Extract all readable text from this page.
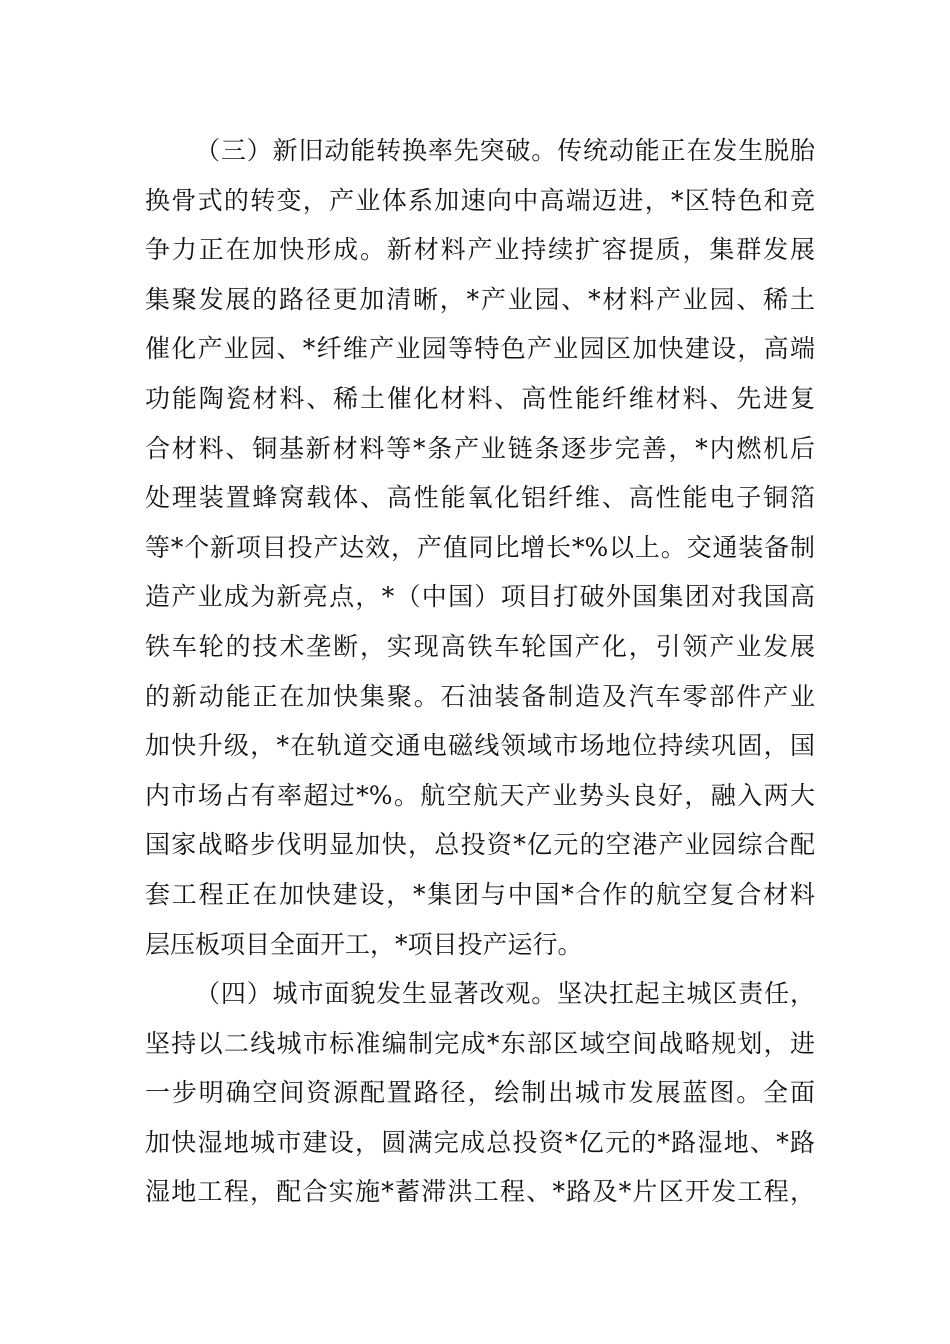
（三）新旧动能转换率先突破。传统动能正在发生脱胎
换骨式的转变，产业体系加速向中高端迈进，*区特色和竞
争力正在加快形成。新材料产业持续扩容提质，集群发展
集聚发展的路径更加清晰，*产业园、*材料产业园、稀土
催化产业园、*纤维产业园等特色产业园区加快建设，高端
功能陶瓷材料、稀土催化材料、高性能纤维材料、先进复
合材料、铜基新材料等*条产业链条逐步完善，*内燃机后
处理装置蜂窝载体、高性能氧化铝纤维、高性能电子铜箔
等*个新项目投产达效，产值同比增长*%以上。交通装备制
造产业成为新亮点，*（中国）项目打破外国集团对我国高
铁车轮的技术垄断，实现高铁车轮国产化，引领产业发展
的新动能正在加快集聚。石油装备制造及汽车零部件产业
加快升级，*在轨道交通电磁线领域市场地位持续巩固，国
内市场占有率超过*%。航空航天产业势头良好，融入两大
国家战略步伐明显加快，总投资*亿元的空港产业园综合配
套工程正在加快建设，*集团与中国*合作的航空复合材料
层压板项目全面开工，*项目投产运行。
（四）城市面貌发生显著改观。坚决扛起主城区责任，
坚持以二线城市标准编制完成*东部区域空间战略规划，进
一步明确空间资源配置路径，绘制出城市发展蓝图。全面
加快湿地城市建设，圆满完成总投资*亿元的*路湿地、*路
湿地工程，配合实施*蓄滞洪工程、*路及*片区开发工程，
